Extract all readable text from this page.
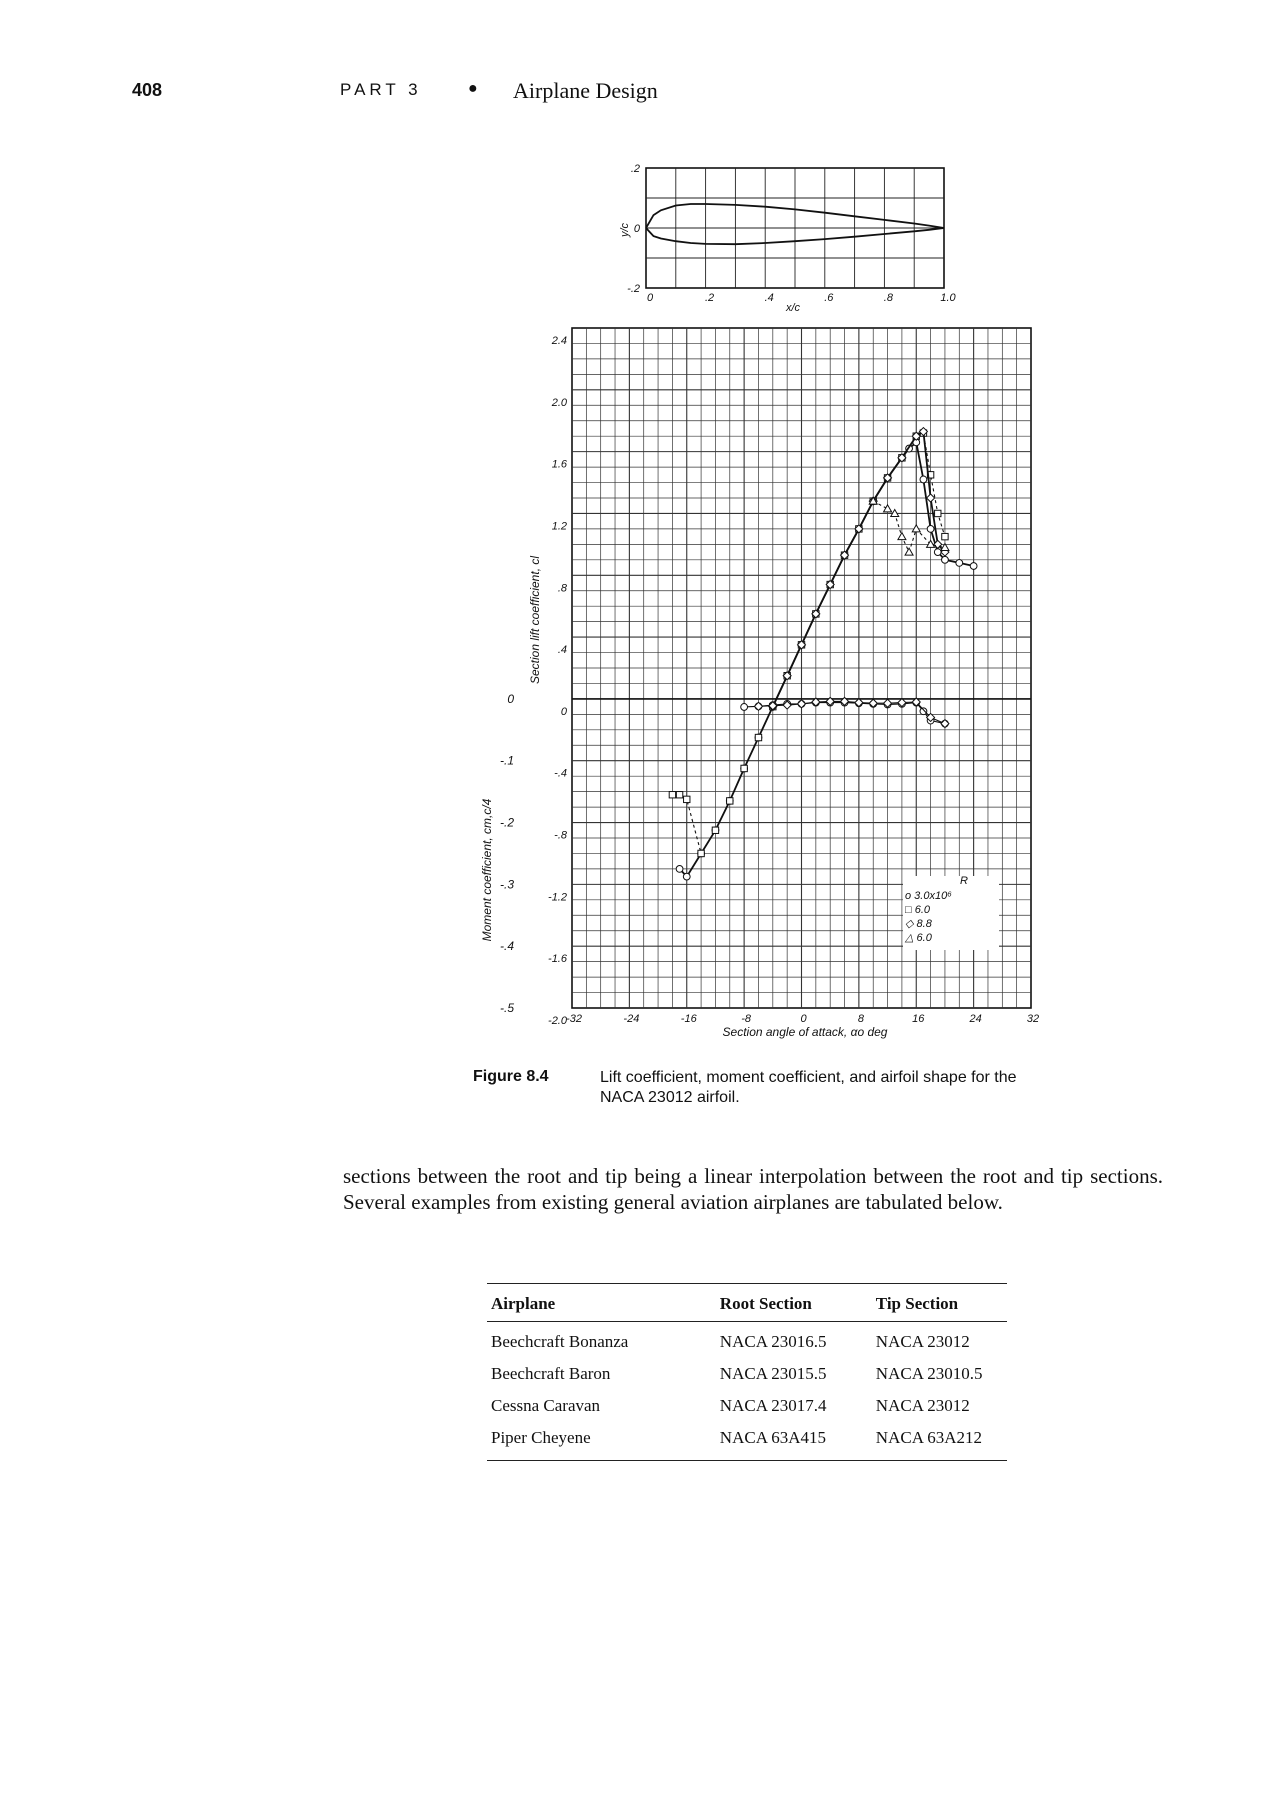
408	PART 3	● Airplane Design
.2
0
-.2
0	.2	.4	.6	.8	1.0
x/c
y/c
2.4
2.0
1.6
1.2
.8
.4
0
-.4
-.8
-1.2
-1.6
-2.0
0
-.1
-.2
-.3
-.4
-.5
-32	-24	-16	-8	0	8	16	24	32
Section angle of attack, αo deg
Section lift coefficient, cl
Moment coefficient, cm,c/4	R
o 3.0x10⁶
□ 6.0
◇ 8.8
△ 6.0
Figure 8.4	Lift coefficient, moment coefficient, and airfoil shape for the NACA 23012 airfoil.

sections between the root and tip being a linear interpolation between the root and tip sections. Several examples from existing general aviation airplanes are tabulated below.

Airplane	Root Section	Tip Section
Beechcraft Bonanza	NACA 23016.5	NACA 23012
Beechcraft Baron	NACA 23015.5	NACA 23010.5
Cessna Caravan	NACA 23017.4	NACA 23012
Piper Cheyene	NACA 63A415	NACA 63A212
